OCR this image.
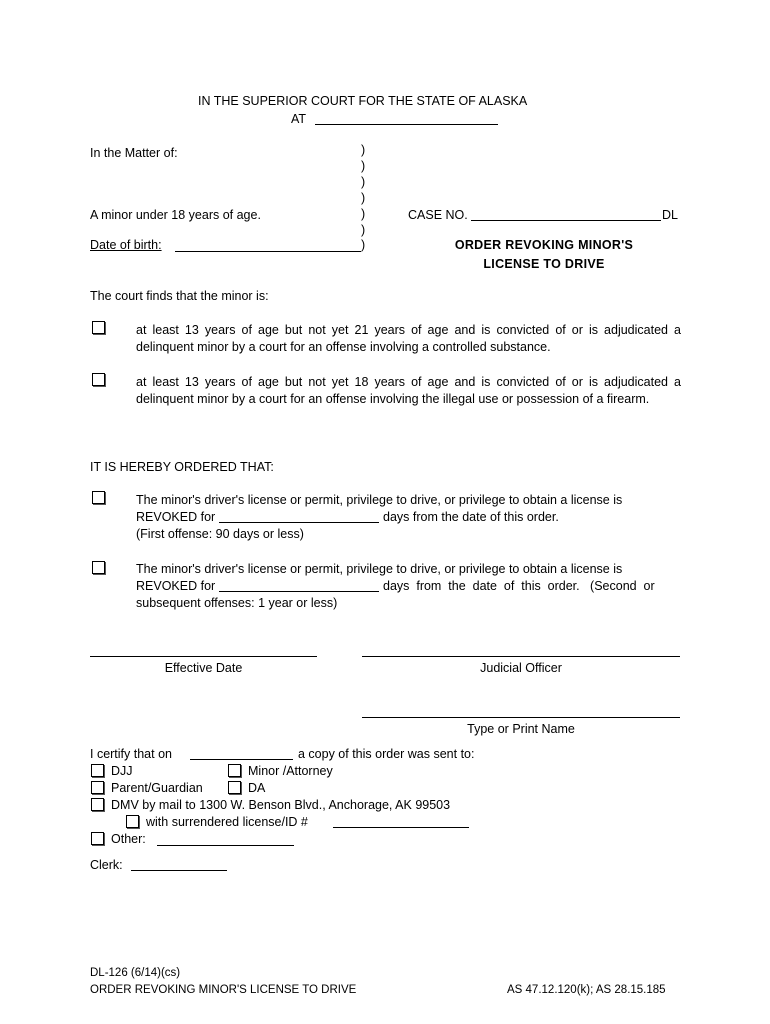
IN THE SUPERIOR COURT FOR THE STATE OF ALASKA
AT
In the Matter of:
A minor under 18 years of age.
Date of birth:
)
)
)
)
)
)
)
CASE NO.	DL
ORDER REVOKING MINOR'S
LICENSE TO DRIVE
The court finds that the minor is:
at least 13 years of age but not yet 21 years of age and is convicted of or is adjudicated a delinquent minor by a court for an offense involving a controlled substance.
at least 13 years of age but not yet 18 years of age and is convicted of or is adjudicated a delinquent minor by a court for an offense involving the illegal use or possession of a firearm.
IT IS HEREBY ORDERED THAT:
The minor's driver's license or permit, privilege to drive, or privilege to obtain a license is
REVOKED for	days from the date of this order.
(First offense: 90 days or less)
The minor's driver's license or permit, privilege to drive, or privilege to obtain a license is
REVOKED for	days  from  the  date  of  this  order.   (Second  or
subsequent offenses: 1 year or less)
Effective Date	Judicial Officer
Type or Print Name
I certify that on	a copy of this order was sent to:
DJJ	Minor /Attorney
Parent/Guardian	DA
DMV by mail to 1300 W. Benson Blvd., Anchorage, AK 99503
with surrendered license/ID #
Other:
Clerk:
DL-126 (6/14)(cs)
ORDER REVOKING MINOR'S LICENSE TO DRIVE	AS 47.12.120(k); AS 28.15.185
